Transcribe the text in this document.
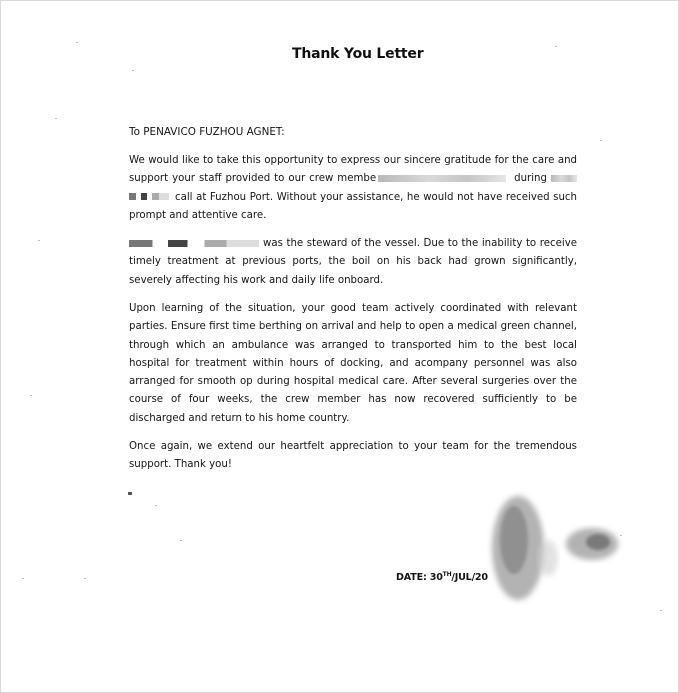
Thank You Letter
To PENAVICO FUZHOU AGNET:

We would like to take this opportunity to express our sincere gratitude for the care and support your staff provided to our crew membe	during call at Fuzhou Port. Without your assistance, he would not have received such prompt and attentive care.

was the steward of the vessel. Due to the inability to receive timely treatment at previous ports, the boil on his back had grown significantly, severely affecting his work and daily life onboard.

Upon learning of the situation, your good team actively coordinated with relevant parties. Ensure first time berthing on arrival and help to open a medical green channel, through which an ambulance was arranged to transported him to the best local hospital for treatment within hours of docking, and acompany personnel was also arranged for smooth op during hospital medical care. After several surgeries over the course of four weeks, the crew member has now recovered sufficiently to be discharged and return to his home country.

Once again, we extend our heartfelt appreciation to your team for the tremendous support. Thank you!

DATE: 30TH/JUL/20
